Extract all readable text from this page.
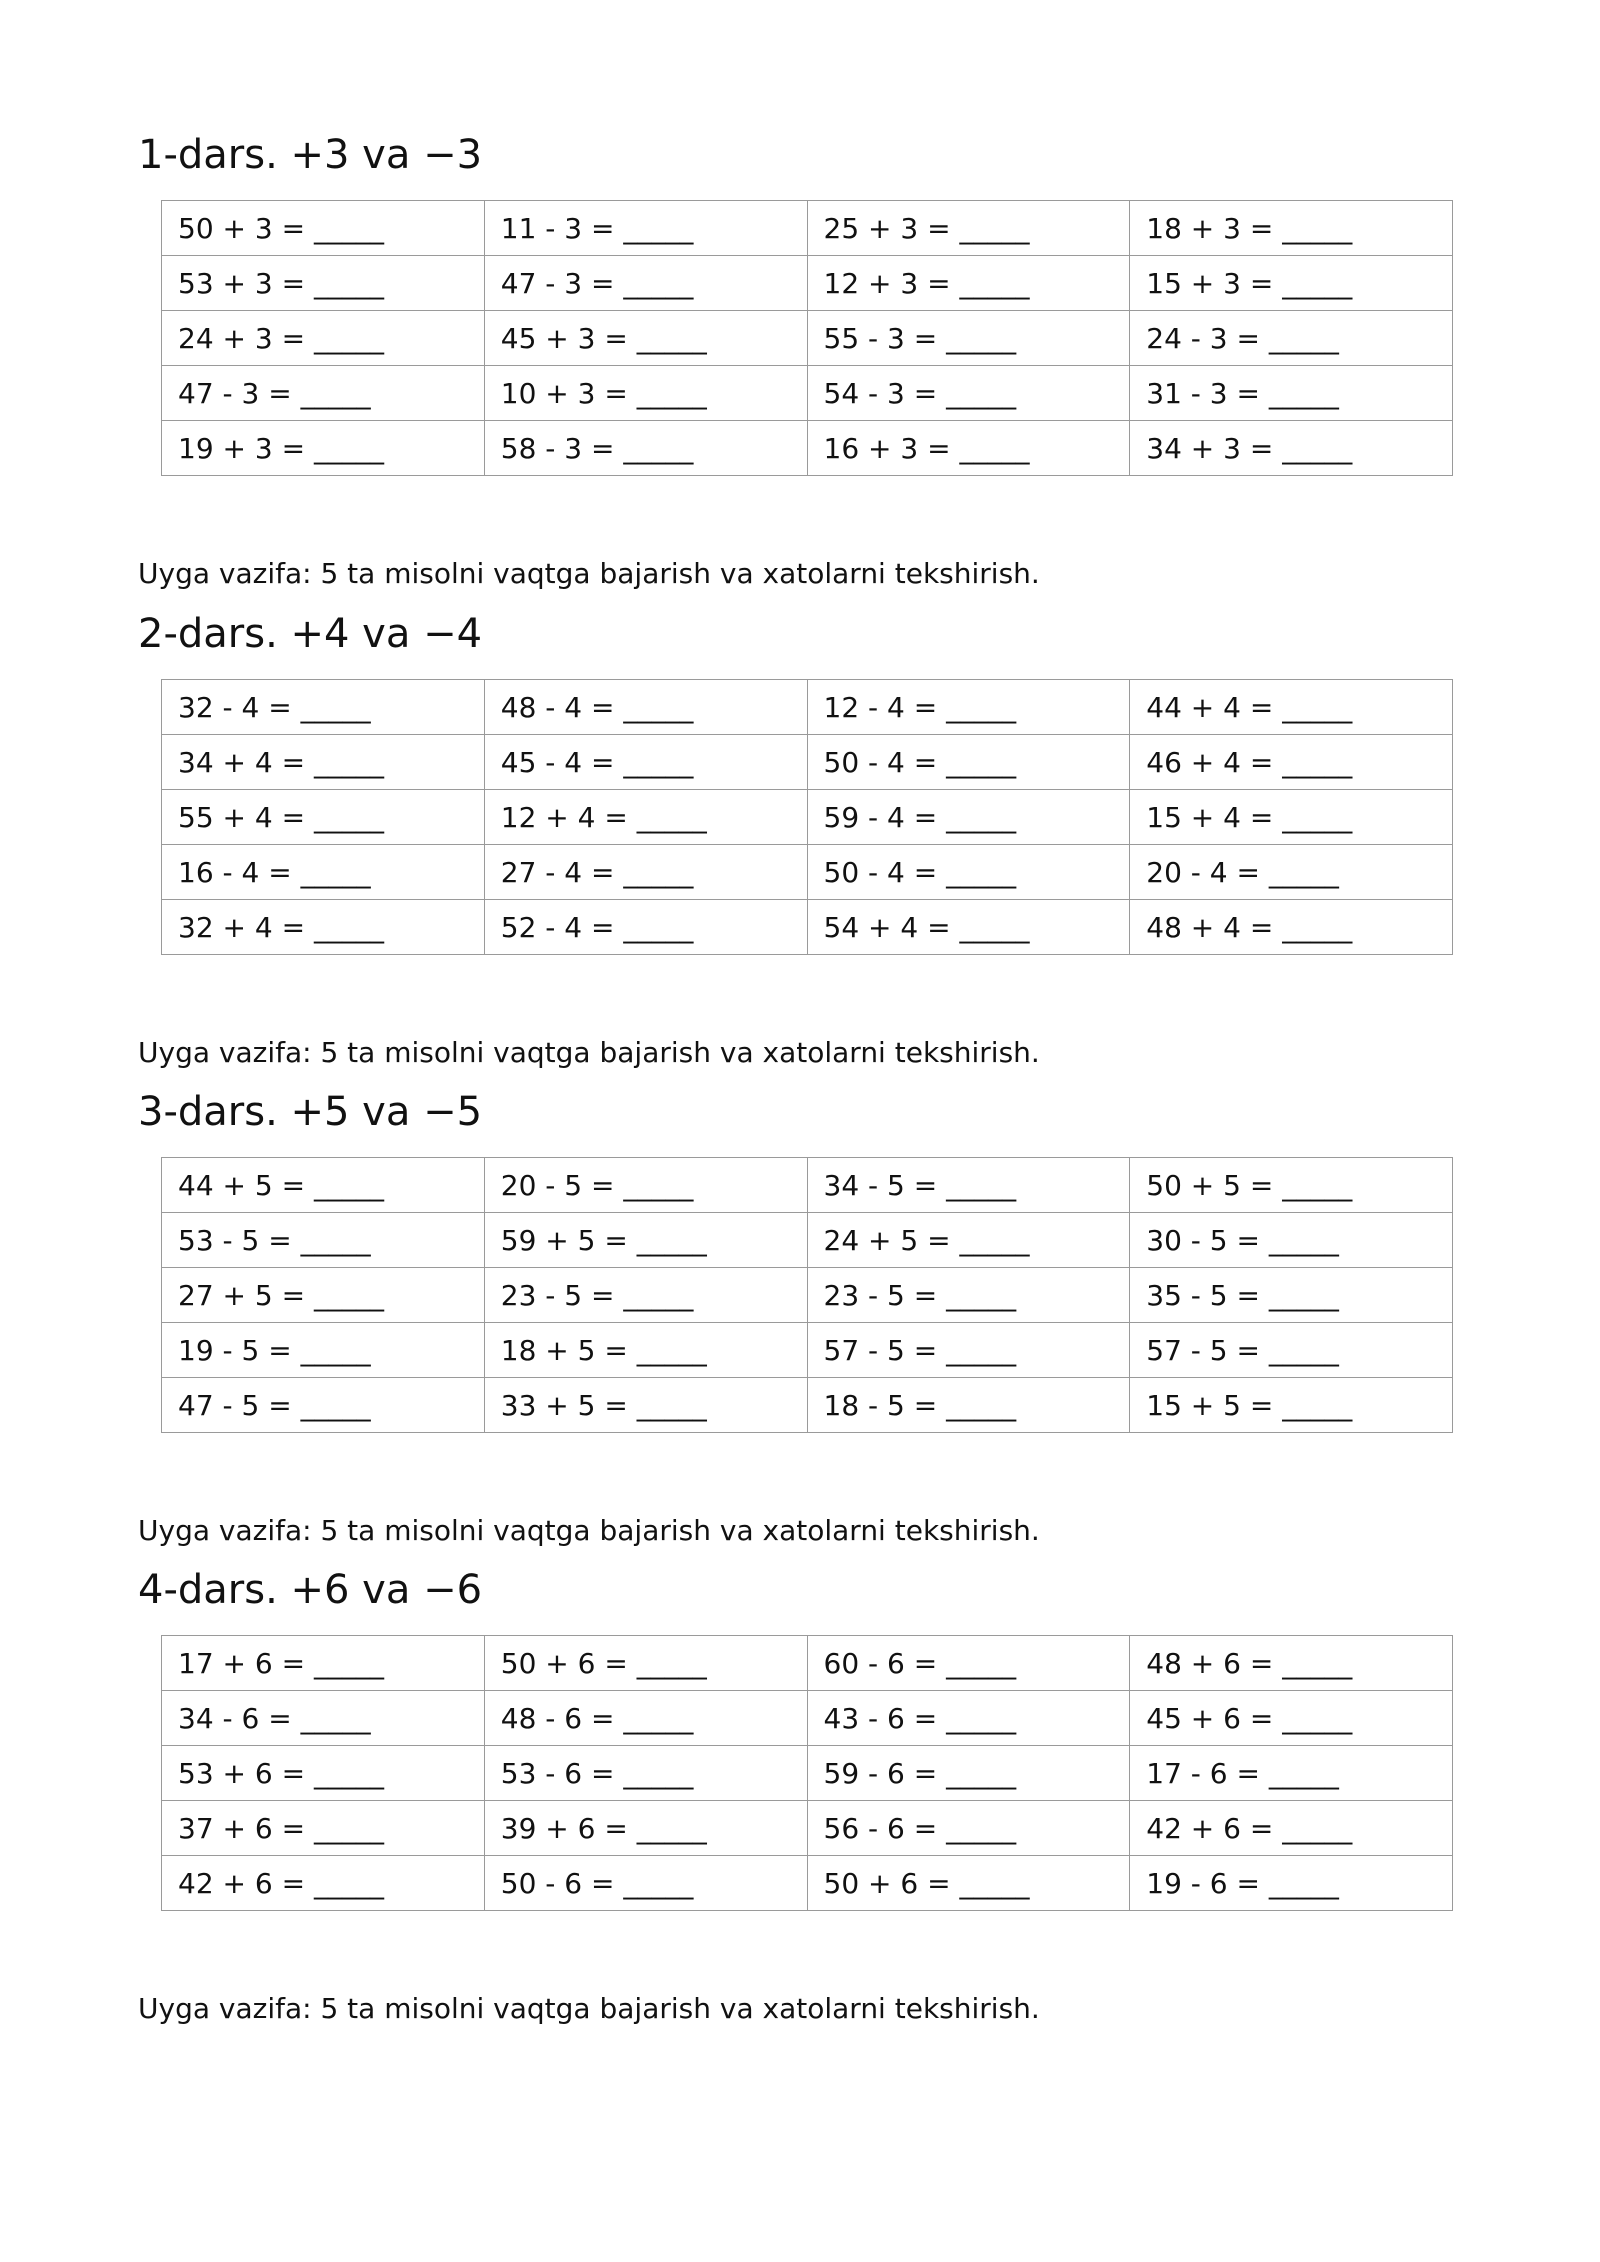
1-dars. +3 va −3
50 + 3 = _____	11 - 3 = _____	25 + 3 = _____	18 + 3 = _____
53 + 3 = _____	47 - 3 = _____	12 + 3 = _____	15 + 3 = _____
24 + 3 = _____	45 + 3 = _____	55 - 3 = _____	24 - 3 = _____
47 - 3 = _____	10 + 3 = _____	54 - 3 = _____	31 - 3 = _____
19 + 3 = _____	58 - 3 = _____	16 + 3 = _____	34 + 3 = _____

Uyga vazifa: 5 ta misolni vaqtga bajarish va xatolarni tekshirish.

2-dars. +4 va −4
32 - 4 = _____	48 - 4 = _____	12 - 4 = _____	44 + 4 = _____
34 + 4 = _____	45 - 4 = _____	50 - 4 = _____	46 + 4 = _____
55 + 4 = _____	12 + 4 = _____	59 - 4 = _____	15 + 4 = _____
16 - 4 = _____	27 - 4 = _____	50 - 4 = _____	20 - 4 = _____
32 + 4 = _____	52 - 4 = _____	54 + 4 = _____	48 + 4 = _____

Uyga vazifa: 5 ta misolni vaqtga bajarish va xatolarni tekshirish.

3-dars. +5 va −5
44 + 5 = _____	20 - 5 = _____	34 - 5 = _____	50 + 5 = _____
53 - 5 = _____	59 + 5 = _____	24 + 5 = _____	30 - 5 = _____
27 + 5 = _____	23 - 5 = _____	23 - 5 = _____	35 - 5 = _____
19 - 5 = _____	18 + 5 = _____	57 - 5 = _____	57 - 5 = _____
47 - 5 = _____	33 + 5 = _____	18 - 5 = _____	15 + 5 = _____

Uyga vazifa: 5 ta misolni vaqtga bajarish va xatolarni tekshirish.

4-dars. +6 va −6
17 + 6 = _____	50 + 6 = _____	60 - 6 = _____	48 + 6 = _____
34 - 6 = _____	48 - 6 = _____	43 - 6 = _____	45 + 6 = _____
53 + 6 = _____	53 - 6 = _____	59 - 6 = _____	17 - 6 = _____
37 + 6 = _____	39 + 6 = _____	56 - 6 = _____	42 + 6 = _____
42 + 6 = _____	50 - 6 = _____	50 + 6 = _____	19 - 6 = _____

Uyga vazifa: 5 ta misolni vaqtga bajarish va xatolarni tekshirish.
